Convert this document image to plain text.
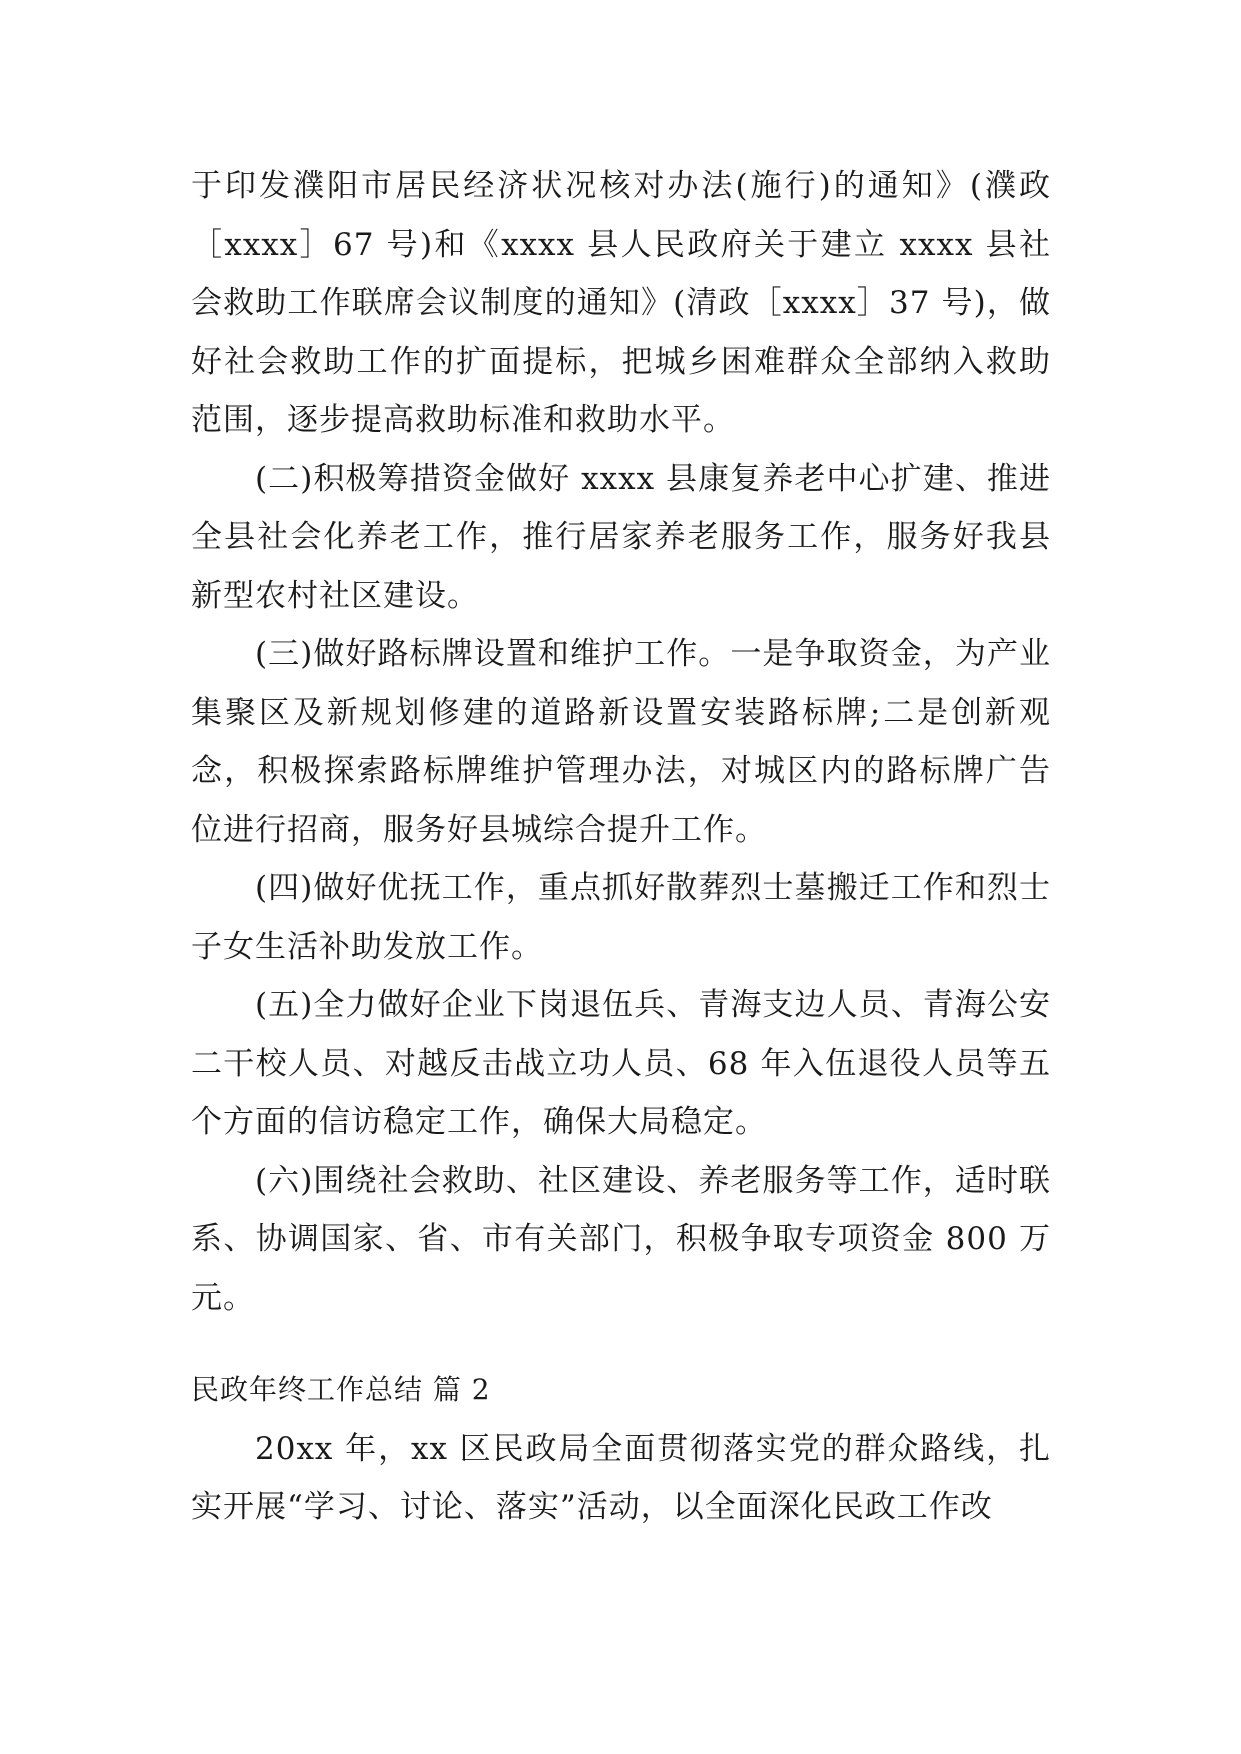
于印发濮阳市居民经济状况核对办法(施行)的通知》(濮政［xxxx］67 号)和《xxxx 县人民政府关于建立 xxxx 县社会救助工作联席会议制度的通知》(清政［xxxx］37 号)，做好社会救助工作的扩面提标，把城乡困难群众全部纳入救助范围，逐步提高救助标准和救助水平。

(二)积极筹措资金做好 xxxx 县康复养老中心扩建、推进全县社会化养老工作，推行居家养老服务工作，服务好我县新型农村社区建设。

(三)做好路标牌设置和维护工作。一是争取资金，为产业集聚区及新规划修建的道路新设置安装路标牌;二是创新观念，积极探索路标牌维护管理办法，对城区内的路标牌广告位进行招商，服务好县城综合提升工作。

(四)做好优抚工作，重点抓好散葬烈士墓搬迁工作和烈士子女生活补助发放工作。

(五)全力做好企业下岗退伍兵、青海支边人员、青海公安二干校人员、对越反击战立功人员、68 年入伍退役人员等五个方面的信访稳定工作，确保大局稳定。

(六)围绕社会救助、社区建设、养老服务等工作，适时联系、协调国家、省、市有关部门，积极争取专项资金 800 万元。

民政年终工作总结 篇 2

20xx 年，xx 区民政局全面贯彻落实党的群众路线，扎实开展“学习、讨论、落实”活动，以全面深化民政工作改
